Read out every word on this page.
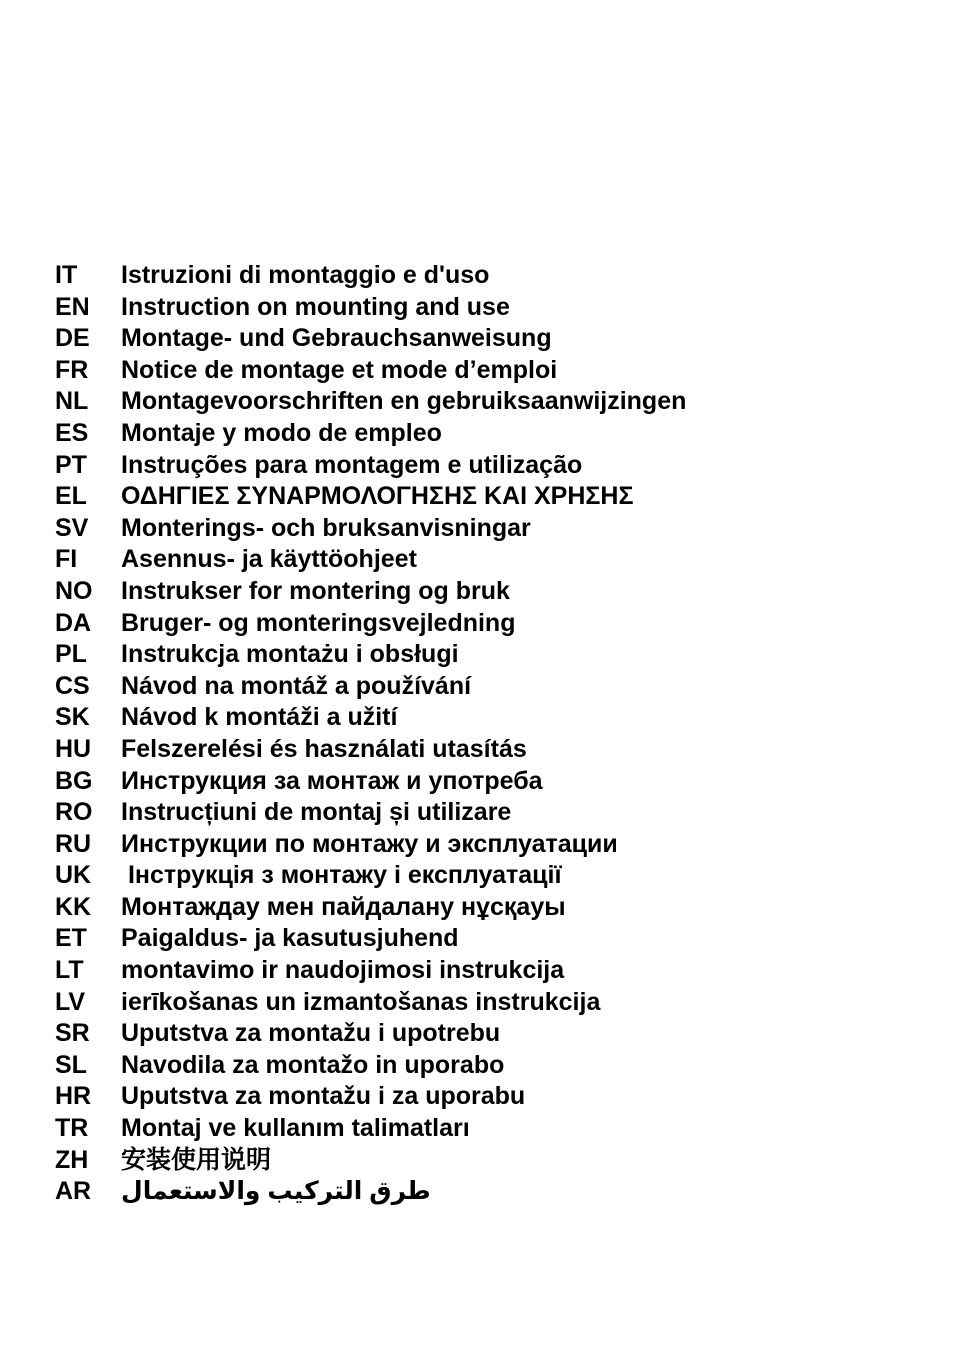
IT	Istruzioni di montaggio e d'uso
EN	Instruction on mounting and use
DE	Montage- und Gebrauchsanweisung
FR	Notice de montage et mode d’emploi
NL	Montagevoorschriften en gebruiksaanwijzingen
ES	Montaje y modo de empleo
PT	Instruções para montagem e utilização
EL	ΟΔΗΓΙΕΣ ΣΥΝΑΡΜΟΛΟΓΗΣΗΣ ΚΑΙ ΧΡΗΣΗΣ
SV	Monterings- och bruksanvisningar
FI	Asennus- ja käyttöohjeet
NO	Instrukser for montering og bruk
DA	Bruger- og monteringsvejledning
PL	Instrukcja montażu i obsługi
CS	Návod na montáž a používání
SK	Návod k montáži a užití
HU	Felszerelési és használati utasítás
BG	Инструкция за монтаж и употреба
RO	Instrucțiuni de montaj și utilizare
RU	Инструкции по монтажу и эксплуатации
UK	Інструкція з монтажу і експлуатації
KK	Монтаждау мен пайдалану нұсқауы
ET	Paigaldus- ja kasutusjuhend
LT	montavimo ir naudojimosi instrukcija
LV	ierīkošanas un izmantošanas instrukcija
SR	Uputstva za montažu i upotrebu
SL	Navodila za montažo in uporabo
HR	Uputstva za montažu i za uporabu
TR	Montaj ve kullanım talimatları
ZH	安装使用说明
AR	طرق التركيب والاستعمال
